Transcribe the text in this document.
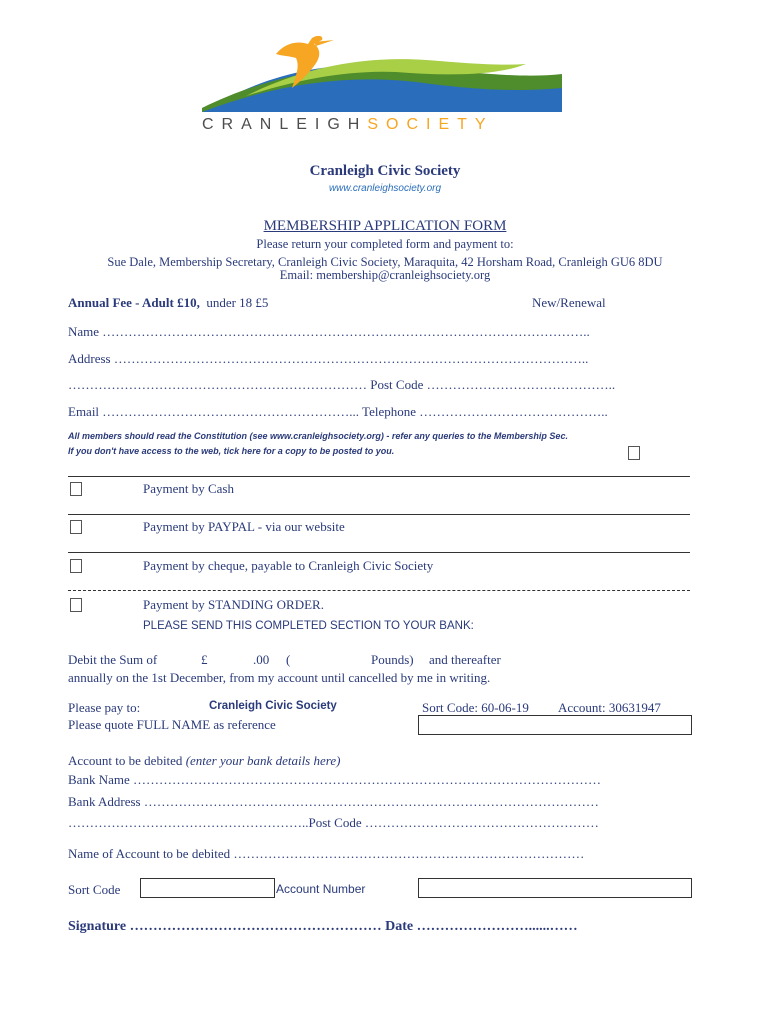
CRANLEIGHSOCIETY
Cranleigh Civic Society
www.cranleighsociety.org
MEMBERSHIP APPLICATION FORM
Please return your completed form and payment to:
Sue Dale, Membership Secretary, Cranleigh Civic Society, Maraquita, 42 Horsham Road, Cranleigh GU6 8DU
Email: membership@cranleighsociety.org
Annual Fee - Adult £10, under 18 £5	New/Renewal
Name …………………………………………………………………………………………………..
Address ………………………………………………………………………………………………..
…………………………………………………………… Post Code ……………………………………..
Email …………………………………………………... Telephone ……………………………………..
All members should read the Constitution (see www.cranleighsociety.org) - refer any queries to the Membership Sec.
If you don't have access to the web, tick here for a copy to be posted to you.
Payment by Cash
Payment by PAYPAL - via our website
Payment by cheque, payable to Cranleigh Civic Society
Payment by STANDING ORDER.
PLEASE SEND THIS COMPLETED SECTION TO YOUR BANK:
Debit the Sum of	£	.00 (	Pounds) and thereafter
annually on the 1st December, from my account until cancelled by me in writing.
Please pay to:	Cranleigh Civic Society
Please quote FULL NAME as reference
Sort Code: 60-06-19 Account: 30631947
Account to be debited (enter your bank details here)
Bank Name ………………………………………………………………………………………………
Bank Address ……………………………………………………………………………………………
………………………………………………..Post Code ………………………………………………
Name of Account to be debited ………………………………………………………………………
Sort Code	Account Number
Signature ……………………………………………… Date ……………………......……
